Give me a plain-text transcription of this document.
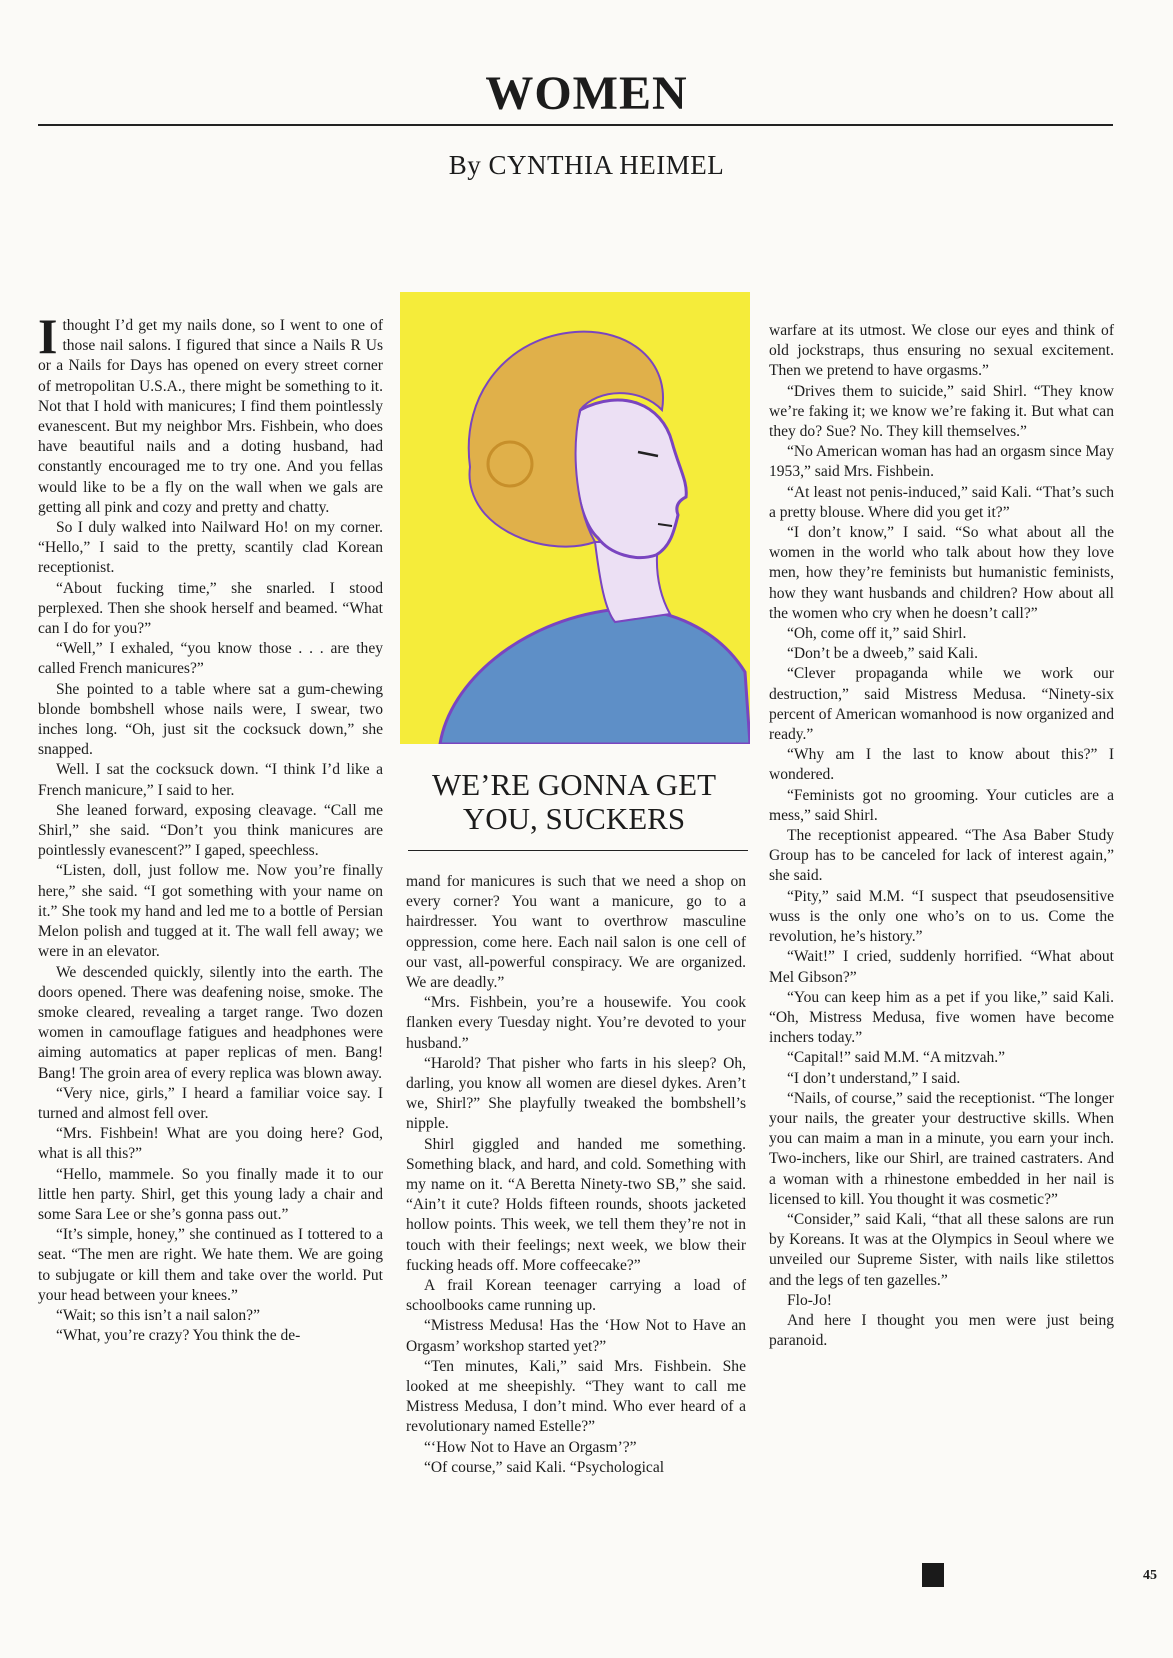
WOMEN
By CYNTHIA HEIMEL

Ithought I’d get my nails done, so I went to one of those nail salons. I figured that since a Nails R Us or a Nails for Days has opened on every street corner of metropolitan U.S.A., there might be something to it. Not that I hold with manicures; I find them pointlessly evanescent. But my neighbor Mrs. Fishbein, who does have beautiful nails and a doting husband, had constantly encouraged me to try one. And you fellas would like to be a fly on the wall when we gals are getting all pink and cozy and pretty and chatty.

So I duly walked into Nailward Ho! on my corner. “Hello,” I said to the pretty, scantily clad Korean receptionist.

“About fucking time,” she snarled. I stood perplexed. Then she shook herself and beamed. “What can I do for you?”

“Well,” I exhaled, “you know those . . . are they called French manicures?”

She pointed to a table where sat a gum-chewing blonde bombshell whose nails were, I swear, two inches long. “Oh, just sit the cocksuck down,” she snapped.

Well. I sat the cocksuck down. “I think I’d like a French manicure,” I said to her.

She leaned forward, exposing cleavage. “Call me Shirl,” she said. “Don’t you think manicures are pointlessly evanescent?” I gaped, speechless.

“Listen, doll, just follow me. Now you’re finally here,” she said. “I got something with your name on it.” She took my hand and led me to a bottle of Persian Melon polish and tugged at it. The wall fell away; we were in an elevator.

We descended quickly, silently into the earth. The doors opened. There was deafening noise, smoke. The smoke cleared, revealing a target range. Two dozen women in camouflage fatigues and headphones were aiming automatics at paper replicas of men. Bang! Bang! The groin area of every replica was blown away.

“Very nice, girls,” I heard a familiar voice say. I turned and almost fell over.

“Mrs. Fishbein! What are you doing here? God, what is all this?”

“Hello, mammele. So you finally made it to our little hen party. Shirl, get this young lady a chair and some Sara Lee or she’s gonna pass out.”

“It’s simple, honey,” she continued as I tottered to a seat. “The men are right. We hate them. We are going to subjugate or kill them and take over the world. Put your head between your knees.”

“Wait; so this isn’t a nail salon?”

“What, you’re crazy? You think the de-

WE’RE GONNA GET
YOU, SUCKERS

mand for manicures is such that we need a shop on every corner? You want a manicure, go to a hairdresser. You want to overthrow masculine oppression, come here. Each nail salon is one cell of our vast, all-powerful conspiracy. We are organized. We are deadly.”

“Mrs. Fishbein, you’re a housewife. You cook flanken every Tuesday night. You’re devoted to your husband.”

“Harold? That pisher who farts in his sleep? Oh, darling, you know all women are diesel dykes. Aren’t we, Shirl?” She playfully tweaked the bombshell’s nipple.

Shirl giggled and handed me something. Something black, and hard, and cold. Something with my name on it. “A Beretta Ninety-two SB,” she said. “Ain’t it cute? Holds fifteen rounds, shoots jacketed hollow points. This week, we tell them they’re not in touch with their feelings; next week, we blow their fucking heads off. More coffeecake?”

A frail Korean teenager carrying a load of schoolbooks came running up.

“Mistress Medusa! Has the ‘How Not to Have an Orgasm’ workshop started yet?”

“Ten minutes, Kali,” said Mrs. Fishbein. She looked at me sheepishly. “They want to call me Mistress Medusa, I don’t mind. Who ever heard of a revolutionary named Estelle?”

“‘How Not to Have an Orgasm’?”

“Of course,” said Kali. “Psychological

warfare at its utmost. We close our eyes and think of old jockstraps, thus ensuring no sexual excitement. Then we pretend to have orgasms.”

“Drives them to suicide,” said Shirl. “They know we’re faking it; we know we’re faking it. But what can they do? Sue? No. They kill themselves.”

“No American woman has had an orgasm since May 1953,” said Mrs. Fishbein.

“At least not penis-induced,” said Kali. “That’s such a pretty blouse. Where did you get it?”

“I don’t know,” I said. “So what about all the women in the world who talk about how they love men, how they’re feminists but humanistic feminists, how they want husbands and children? How about all the women who cry when he doesn’t call?”

“Oh, come off it,” said Shirl.

“Don’t be a dweeb,” said Kali.

“Clever propaganda while we work our destruction,” said Mistress Medusa. “Ninety-six percent of American womanhood is now organized and ready.”

“Why am I the last to know about this?” I wondered.

“Feminists got no grooming. Your cuticles are a mess,” said Shirl.

The receptionist appeared. “The Asa Baber Study Group has to be canceled for lack of interest again,” she said.

“Pity,” said M.M. “I suspect that pseudosensitive wuss is the only one who’s on to us. Come the revolution, he’s history.”

“Wait!” I cried, suddenly horrified. “What about Mel Gibson?”

“You can keep him as a pet if you like,” said Kali. “Oh, Mistress Medusa, five women have become inchers today.”

“Capital!” said M.M. “A mitzvah.”

“I don’t understand,” I said.

“Nails, of course,” said the receptionist. “The longer your nails, the greater your destructive skills. When you can maim a man in a minute, you earn your inch. Two-inchers, like our Shirl, are trained castraters. And a woman with a rhinestone embedded in her nail is licensed to kill. You thought it was cosmetic?”

“Consider,” said Kali, “that all these salons are run by Koreans. It was at the Olympics in Seoul where we unveiled our Supreme Sister, with nails like stilettos and the legs of ten gazelles.”

Flo-Jo!

And here I thought you men were just being paranoid.

45
